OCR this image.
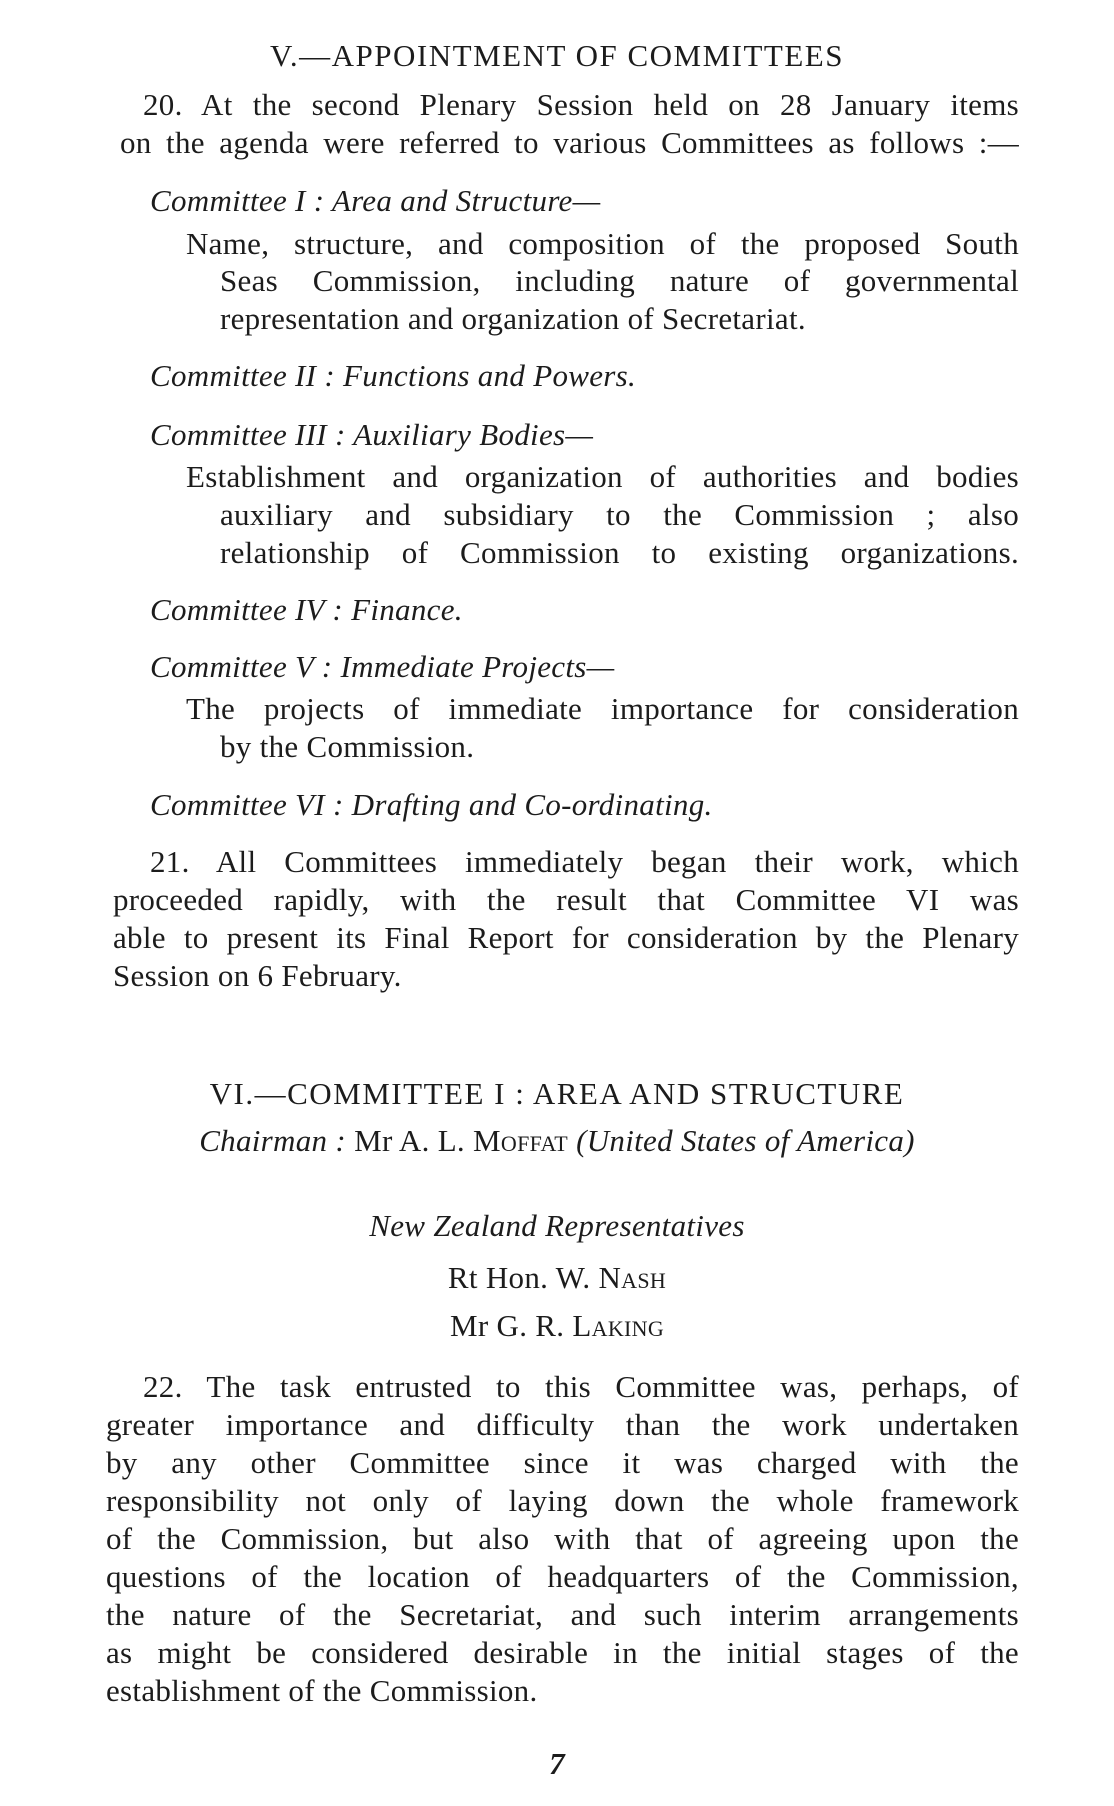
V.—APPOINTMENT OF COMMITTEES

20. At the second Plenary Session held on 28 January items

on the agenda were referred to various Committees as follows :—

Committee I : Area and Structure—

Name, structure, and composition of the proposed South

Seas Commission, including nature of governmental

representation and organization of Secretariat.

Committee II : Functions and Powers.

Committee III : Auxiliary Bodies—

Establishment and organization of authorities and bodies

auxiliary and subsidiary to the Commission ; also

relationship of Commission to existing organizations.

Committee IV : Finance.

Committee V : Immediate Projects—

The projects of immediate importance for consideration

by the Commission.

Committee VI : Drafting and Co-ordinating.

21. All Committees immediately began their work, which

proceeded rapidly, with the result that Committee VI was

able to present its Final Report for consideration by the Plenary

Session on 6 February.

VI.—COMMITTEE I : AREA AND STRUCTURE

Chairman : Mr A. L. Moffat (United States of America)

New Zealand Representatives

Rt Hon. W. Nash

Mr G. R. Laking

22. The task entrusted to this Committee was, perhaps, of

greater importance and difficulty than the work undertaken

by any other Committee since it was charged with the

responsibility not only of laying down the whole framework

of the Commission, but also with that of agreeing upon the

questions of the location of headquarters of the Commission,

the nature of the Secretariat, and such interim arrangements

as might be considered desirable in the initial stages of the

establishment of the Commission.

7
